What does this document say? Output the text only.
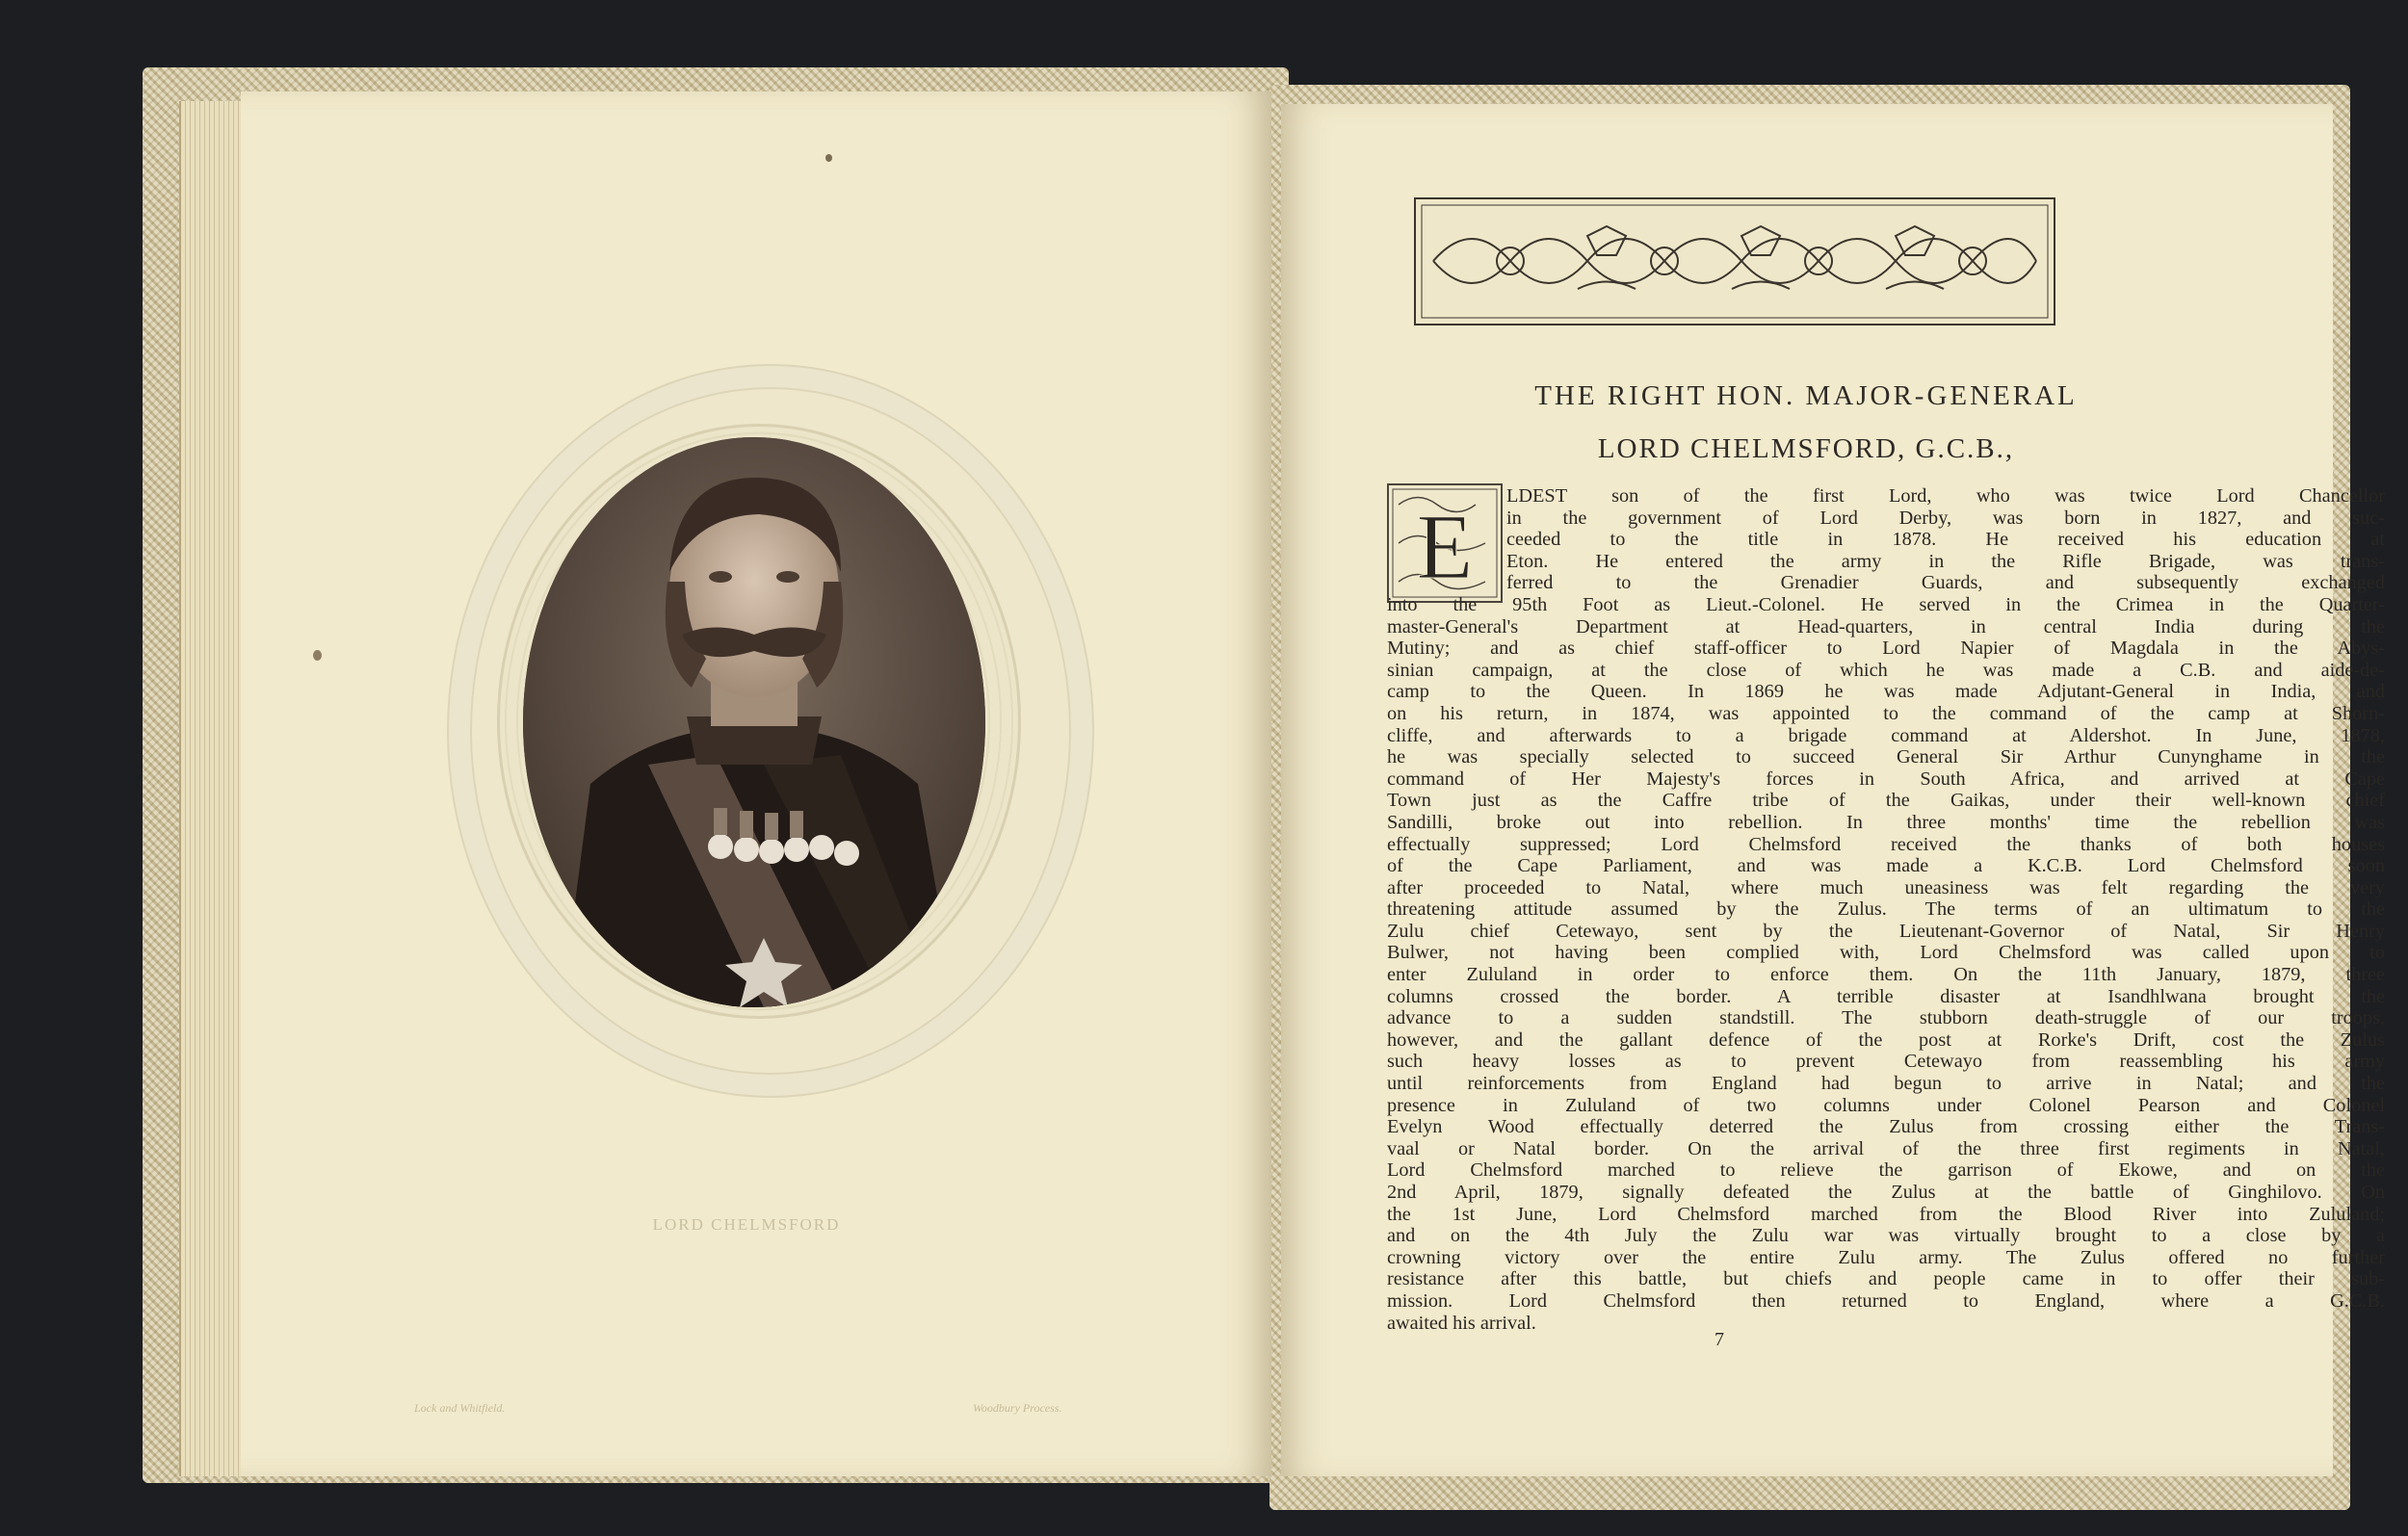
LORD CHELMSFORD
Lock and Whitfield.	Woodbury Process.
THE RIGHT HON. MAJOR-GENERAL
LORD CHELMSFORD, G.C.B.,
E	LDEST son of the first Lord, who was twice Lord Chancellor
in the government of Lord Derby, was born in 1827, and suc-
ceeded to the title in 1878. He received his education at
Eton. He entered the army in the Rifle Brigade, was trans-
ferred to the Grenadier Guards, and subsequently exchanged
into the 95th Foot as Lieut.-Colonel. He served in the Crimea in the Quarter-
master-General's Department at Head-quarters, in central India during the
Mutiny; and as chief staff-officer to Lord Napier of Magdala in the Abys-
sinian campaign, at the close of which he was made a C.B. and aide-de-
camp to the Queen. In 1869 he was made Adjutant-General in India, and
on his return, in 1874, was appointed to the command of the camp at Shorn-
cliffe, and afterwards to a brigade command at Aldershot. In June, 1878,
he was specially selected to succeed General Sir Arthur Cunynghame in the
command of Her Majesty's forces in South Africa, and arrived at Cape
Town just as the Caffre tribe of the Gaikas, under their well-known chief
Sandilli, broke out into rebellion. In three months' time the rebellion was
effectually suppressed; Lord Chelmsford received the thanks of both houses
of the Cape Parliament, and was made a K.C.B. Lord Chelmsford soon
after proceeded to Natal, where much uneasiness was felt regarding the very
threatening attitude assumed by the Zulus. The terms of an ultimatum to the
Zulu chief Cetewayo, sent by the Lieutenant-Governor of Natal, Sir Henry
Bulwer, not having been complied with, Lord Chelmsford was called upon to
enter Zululand in order to enforce them. On the 11th January, 1879, three
columns crossed the border. A terrible disaster at Isandhlwana brought the
advance to a sudden standstill. The stubborn death-struggle of our troops,
however, and the gallant defence of the post at Rorke's Drift, cost the Zulus
such heavy losses as to prevent Cetewayo from reassembling his army
until reinforcements from England had begun to arrive in Natal; and the
presence in Zululand of two columns under Colonel Pearson and Colonel
Evelyn Wood effectually deterred the Zulus from crossing either the Trans-
vaal or Natal border. On the arrival of the three first regiments in Natal,
Lord Chelmsford marched to relieve the garrison of Ekowe, and on the
2nd April, 1879, signally defeated the Zulus at the battle of Ginghilovo. On
the 1st June, Lord Chelmsford marched from the Blood River into Zululand;
and on the 4th July the Zulu war was virtually brought to a close by a
crowning victory over the entire Zulu army. The Zulus offered no further
resistance after this battle, but chiefs and people came in to offer their sub-
mission. Lord Chelmsford then returned to England, where a G.C.B.
awaited his arrival.
7
